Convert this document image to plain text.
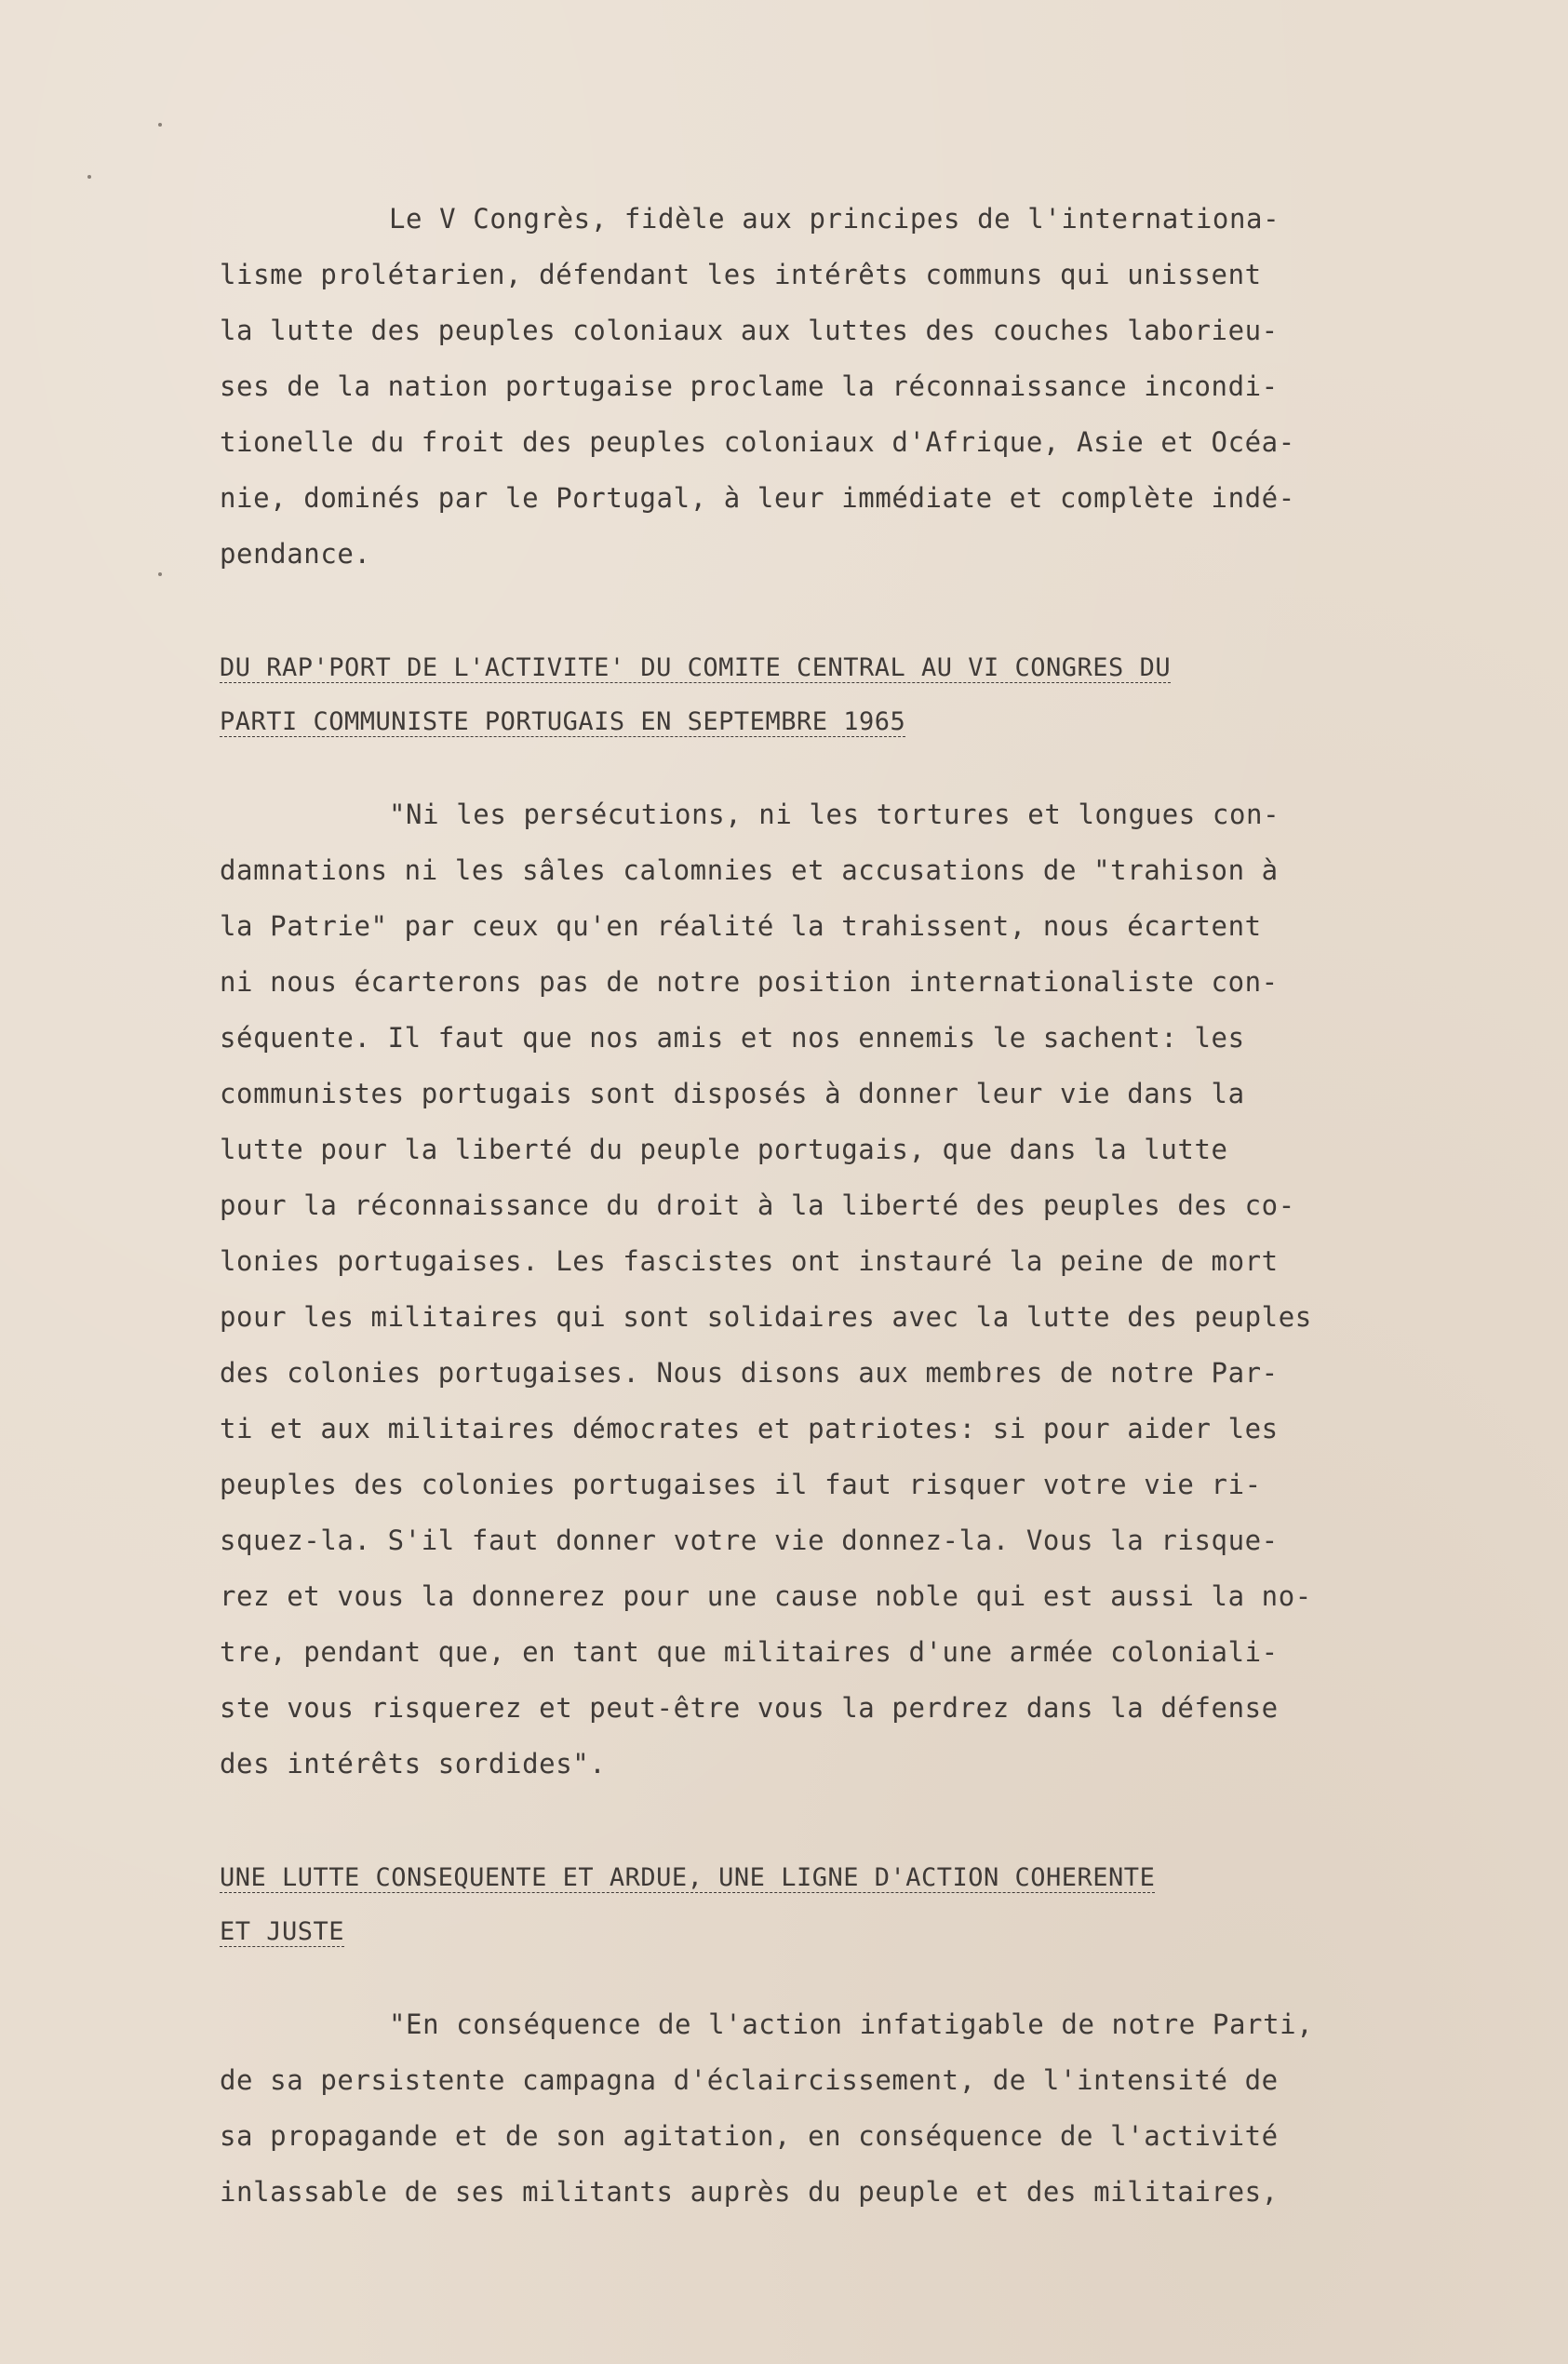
Le V Congrès, fidèle aux principes de l'internationa-
lisme prolétarien, défendant les intérêts communs qui unissent
la lutte des peuples coloniaux aux luttes des couches laborieu-
ses de la nation portugaise proclame la réconnaissance incondi-
tionelle du froit des peuples coloniaux d'Afrique, Asie et Océa-
nie, dominés par le Portugal, à leur immédiate et complète indé-
pendance.

DU RAP'PORT DE L'ACTIVITE' DU COMITE CENTRAL AU VI CONGRES DU
PARTI COMMUNISTE PORTUGAIS EN SEPTEMBRE 1965

"Ni les persécutions, ni les tortures et longues con-
damnations ni les sâles calomnies et accusations de "trahison à
la Patrie" par ceux qu'en réalité la trahissent, nous écartent
ni nous écarterons pas de notre position internationaliste con-
séquente. Il faut que nos amis et nos ennemis le sachent: les
communistes portugais sont disposés à donner leur vie dans la
lutte pour la liberté du peuple portugais, que dans la lutte
pour la réconnaissance du droit à la liberté des peuples des co-
lonies portugaises. Les fascistes ont instauré la peine de mort
pour les militaires qui sont solidaires avec la lutte des peuples
des colonies portugaises. Nous disons aux membres de notre Par-
ti et aux militaires démocrates et patriotes: si pour aider les
peuples des colonies portugaises il faut risquer votre vie ri-
squez-la. S'il faut donner votre vie donnez-la. Vous la risque-
rez et vous la donnerez pour une cause noble qui est aussi la no-
tre, pendant que, en tant que militaires d'une armée coloniali-
ste vous risquerez et peut-être vous la perdrez dans la défense
des intérêts sordides".

UNE LUTTE CONSEQUENTE ET ARDUE, UNE LIGNE D'ACTION COHERENTE
ET JUSTE

"En conséquence de l'action infatigable de notre Parti,
de sa persistente campagna d'éclaircissement, de l'intensité de
sa propagande et de son agitation, en conséquence de l'activité
inlassable de ses militants auprès du peuple et des militaires,
